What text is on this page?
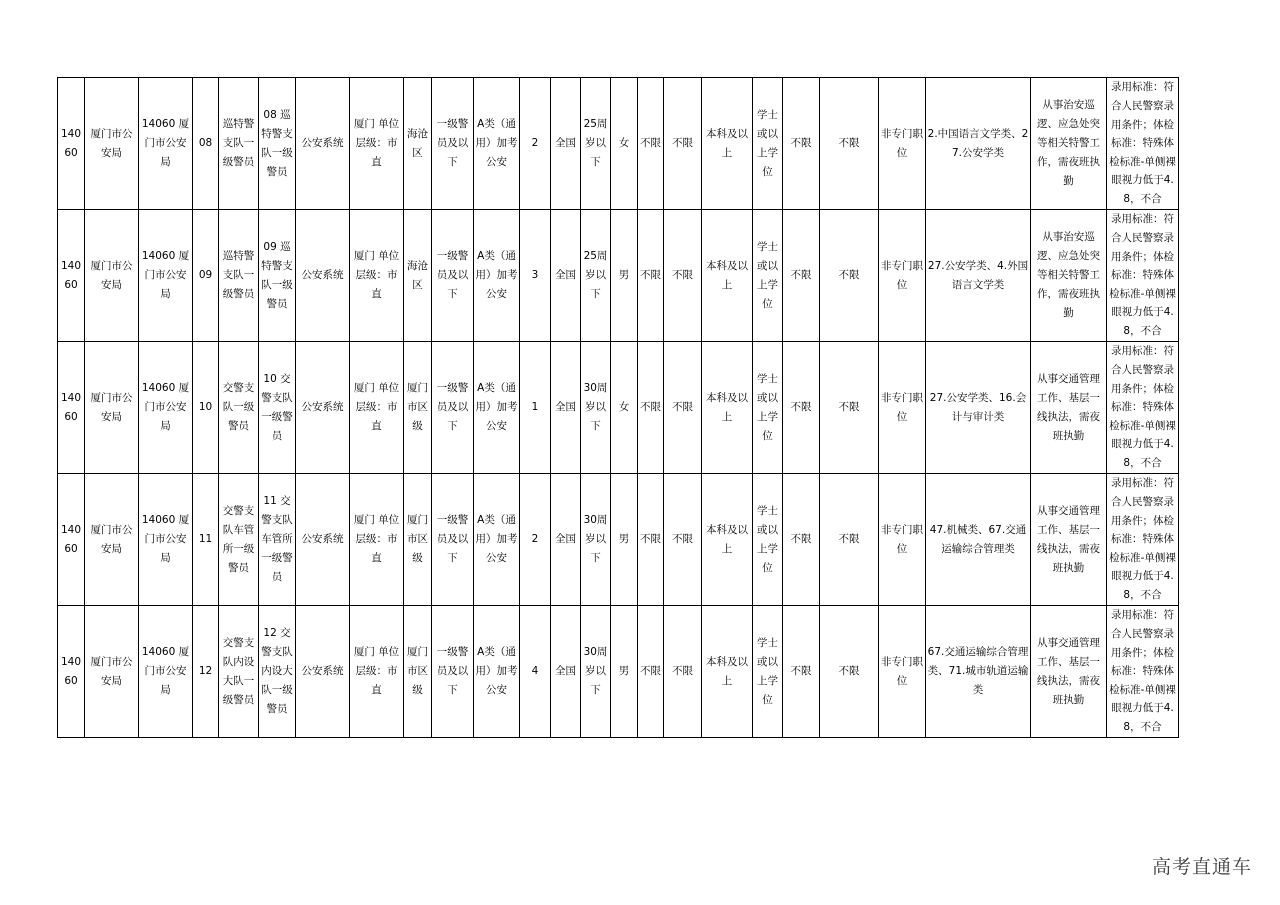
14060	厦门市公安局	14060 厦门市公安局	08	巡特警支队一级警员	08 巡特警支队一级警员	公安系统	厦门 单位层级：市直	海沧区	一级警员及以下	A类（通用）加考公安	2	全国	25周岁以下	女	不限	不限	本科及以上	学士或以上学位	不限	不限	非专门职位	2.中国语言文学类、27.公安学类	从事治安巡逻、应急处突等相关特警工作，需夜班执勤	录用标准：符合人民警察录用条件；体检标准：特殊体检标准-单侧裸眼视力低于4.8，不合
14060	厦门市公安局	14060 厦门市公安局	09	巡特警支队一级警员	09 巡特警支队一级警员	公安系统	厦门 单位层级：市直	海沧区	一级警员及以下	A类（通用）加考公安	3	全国	25周岁以下	男	不限	不限	本科及以上	学士或以上学位	不限	不限	非专门职位	27.公安学类、4.外国语言文学类	从事治安巡逻、应急处突等相关特警工作，需夜班执勤	录用标准：符合人民警察录用条件；体检标准：特殊体检标准-单侧裸眼视力低于4.8，不合
14060	厦门市公安局	14060 厦门市公安局	10	交警支队一级警员	10 交警支队一级警员	公安系统	厦门 单位层级：市直	厦门市区级	一级警员及以下	A类（通用）加考公安	1	全国	30周岁以下	女	不限	不限	本科及以上	学士或以上学位	不限	不限	非专门职位	27.公安学类、16.会计与审计类	从事交通管理工作、基层一线执法，需夜班执勤	录用标准：符合人民警察录用条件；体检标准：特殊体检标准-单侧裸眼视力低于4.8，不合
14060	厦门市公安局	14060 厦门市公安局	11	交警支队车管所一级警员	11 交警支队车管所一级警员	公安系统	厦门 单位层级：市直	厦门市区级	一级警员及以下	A类（通用）加考公安	2	全国	30周岁以下	男	不限	不限	本科及以上	学士或以上学位	不限	不限	非专门职位	47.机械类、67.交通运输综合管理类	从事交通管理工作、基层一线执法，需夜班执勤	录用标准：符合人民警察录用条件；体检标准：特殊体检标准-单侧裸眼视力低于4.8，不合
14060	厦门市公安局	14060 厦门市公安局	12	交警支队内设大队一级警员	12 交警支队内设大队一级警员	公安系统	厦门 单位层级：市直	厦门市区级	一级警员及以下	A类（通用）加考公安	4	全国	30周岁以下	男	不限	不限	本科及以上	学士或以上学位	不限	不限	非专门职位	67.交通运输综合管理类、71.城市轨道运输类	从事交通管理工作、基层一线执法，需夜班执勤	录用标准：符合人民警察录用条件；体检标准：特殊体检标准-单侧裸眼视力低于4.8，不合
高考直通车
